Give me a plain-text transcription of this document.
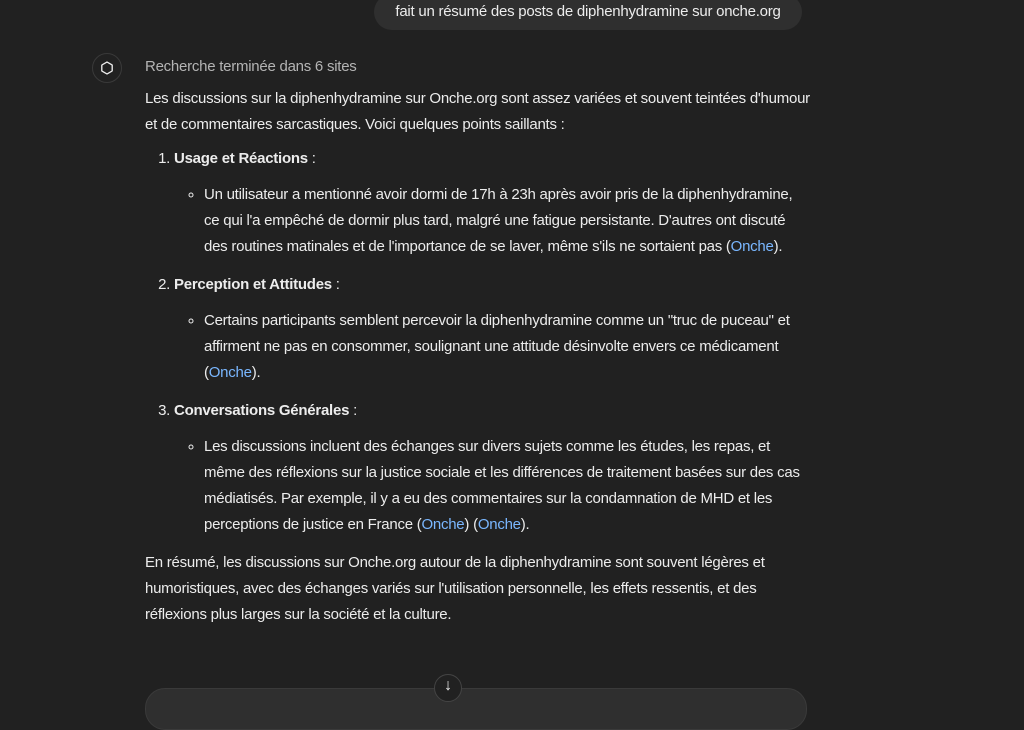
fait un résumé des posts de diphenhydramine sur onche.org
Recherche terminée dans 6 sites

Les discussions sur la diphenhydramine sur Onche.org sont assez variées et souvent teintées d'humour et de commentaires sarcastiques. Voici quelques points saillants :

1. Usage et Réactions :
◦ Un utilisateur a mentionné avoir dormi de 17h à 23h après avoir pris de la diphenhydramine, ce qui l'a empêché de dormir plus tard, malgré une fatigue persistante. D'autres ont discuté des routines matinales et de l'importance de se laver, même s'ils ne sortaient pas (Onche).
2. Perception et Attitudes :
◦ Certains participants semblent percevoir la diphenhydramine comme un "truc de puceau" et affirment ne pas en consommer, soulignant une attitude désinvolte envers ce médicament (Onche).
3. Conversations Générales :
◦ Les discussions incluent des échanges sur divers sujets comme les études, les repas, et même des réflexions sur la justice sociale et les différences de traitement basées sur des cas médiatisés. Par exemple, il y a eu des commentaires sur la condamnation de MHD et les perceptions de justice en France (Onche) (Onche).

En résumé, les discussions sur Onche.org autour de la diphenhydramine sont souvent légères et humoristiques, avec des échanges variés sur l'utilisation personnelle, les effets ressentis, et des réflexions plus larges sur la société et la culture.

↓
